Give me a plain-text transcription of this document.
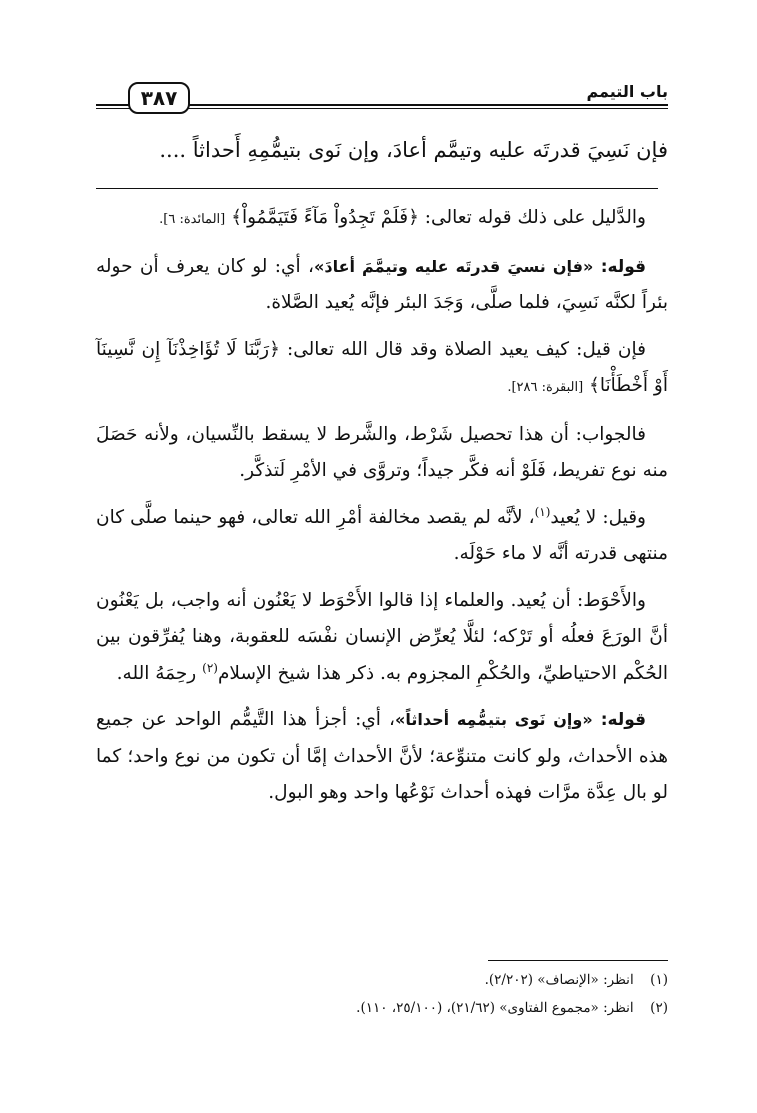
٣٨٧	باب التيمم
فإن نَسِيَ قدرتَه عليه وتيمَّم أعادَ، وإن نَوى بتيمُّمِهِ أَحداثاً ....

والدَّليل على ذلك قوله تعالى: ﴿فَلَمْ تَجِدُواْ مَآءً فَتَيَمَّمُواْ﴾ [المائدة: ٦].

قوله: «فإن نسيَ قدرتَه عليه وتيمَّمَ أعادَ»، أي: لو كان يعرف أن حوله بئراً لكنَّه نَسِيَ، فلما صلَّى، وَجَدَ البئر فإنَّه يُعيد الصَّلاة.

فإن قيل: كيف يعيد الصلاة وقد قال الله تعالى: ﴿رَبَّنَا لَا تُؤَاخِذْنَآ إِن نَّسِينَآ أَوْ أَخْطَأْنَا﴾ [البقرة: ٢٨٦].

فالجواب: أن هذا تحصيل شَرْط، والشَّرط لا يسقط بالنِّسيان، ولأنه حَصَلَ منه نوع تفريط، فَلَوْ أنه فكَّر جيداً؛ وتروَّى في الأمْرِ لَتذكَّر.

وقيل: لا يُعيد$^{(١)}$، لأنَّه لم يقصد مخالفة أمْرِ الله تعالى، فهو حينما صلَّى كان منتهى قدرته أنَّه لا ماء حَوْلَه.

والأَحْوَط: أن يُعيد. والعلماء إذا قالوا الأَحْوَط لا يَعْنُون أنه واجب، بل يَعْنُون أنَّ الورَعَ فعلُه أو تَرْكه؛ لئلَّا يُعرِّض الإنسان نفْسَه للعقوبة، وهنا يُفرِّقون بين الحُكْم الاحتياطيِّ، والحُكْمِ المجزوم به. ذكر هذا شيخ الإسلام$^{(٢)}$ رحِمَهُ الله.

قوله: «وإن نَوى بتيمُّمِه أحداثاً»، أي: أجزأ هذا التَّيمُّم الواحد عن جميع هذه الأحداث، ولو كانت متنوِّعة؛ لأنَّ الأحداث إمَّا أن تكون من نوع واحد؛ كما لو بال عِدَّة مرَّات فهذه أحداث نَوْعُها واحد وهو البول.

(١) انظر: «الإنصاف» (٢/٢٠٢).
(٢) انظر: «مجموع الفتاوى» (٢١/٦٢)، (٢٥/١٠٠، ١١٠).
